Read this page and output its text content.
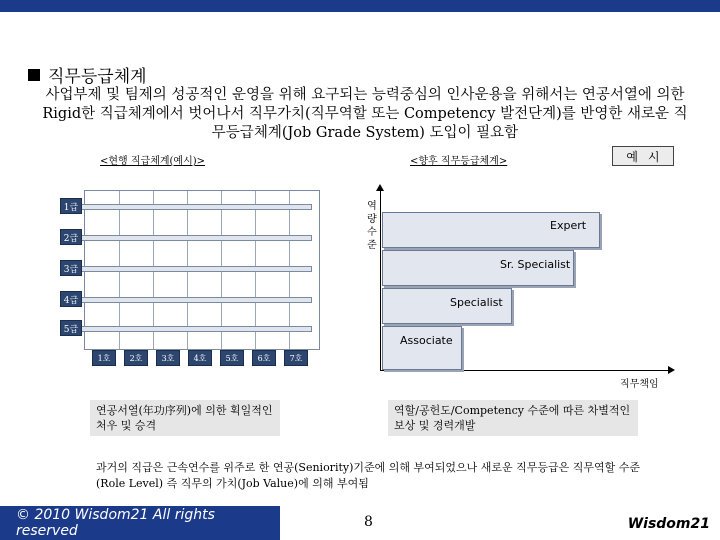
직무등급체계
사업부제 및 팀제의 성공적인 운영을 위해 요구되는 능력중심의 인사운용을 위해서는 연공서열에 의한 Rigid한 직급체계에서 벗어나서 직무가치(직무역할 또는 Competency 발전단계)를 반영한 새로운 직무등급체계(Job Grade System) 도입이 필요함
<현행 직급체계(예시)>	<향후 직무등급체계>	예시
1급
2급
3급
4급
5급
1호	2호	3호	4호	5호	6호	7호
역량수준
직무책임
Expert
Sr. Specialist
Specialist
Associate
연공서열(年功序列)에 의한 획일적인 처우 및 승격
역할/공헌도/Competency 수준에 따른 차별적인 보상 및 경력개발
과거의 직급은 근속연수를 위주로 한 연공(Seniority)기준에 의해 부여되었으나 새로운 직무등급은 직무역할 수준(Role Level) 즉 직무의 가치(Job Value)에 의해 부여됨
© 2010 Wisdom21 All rights reserved
8	Wisdom21
